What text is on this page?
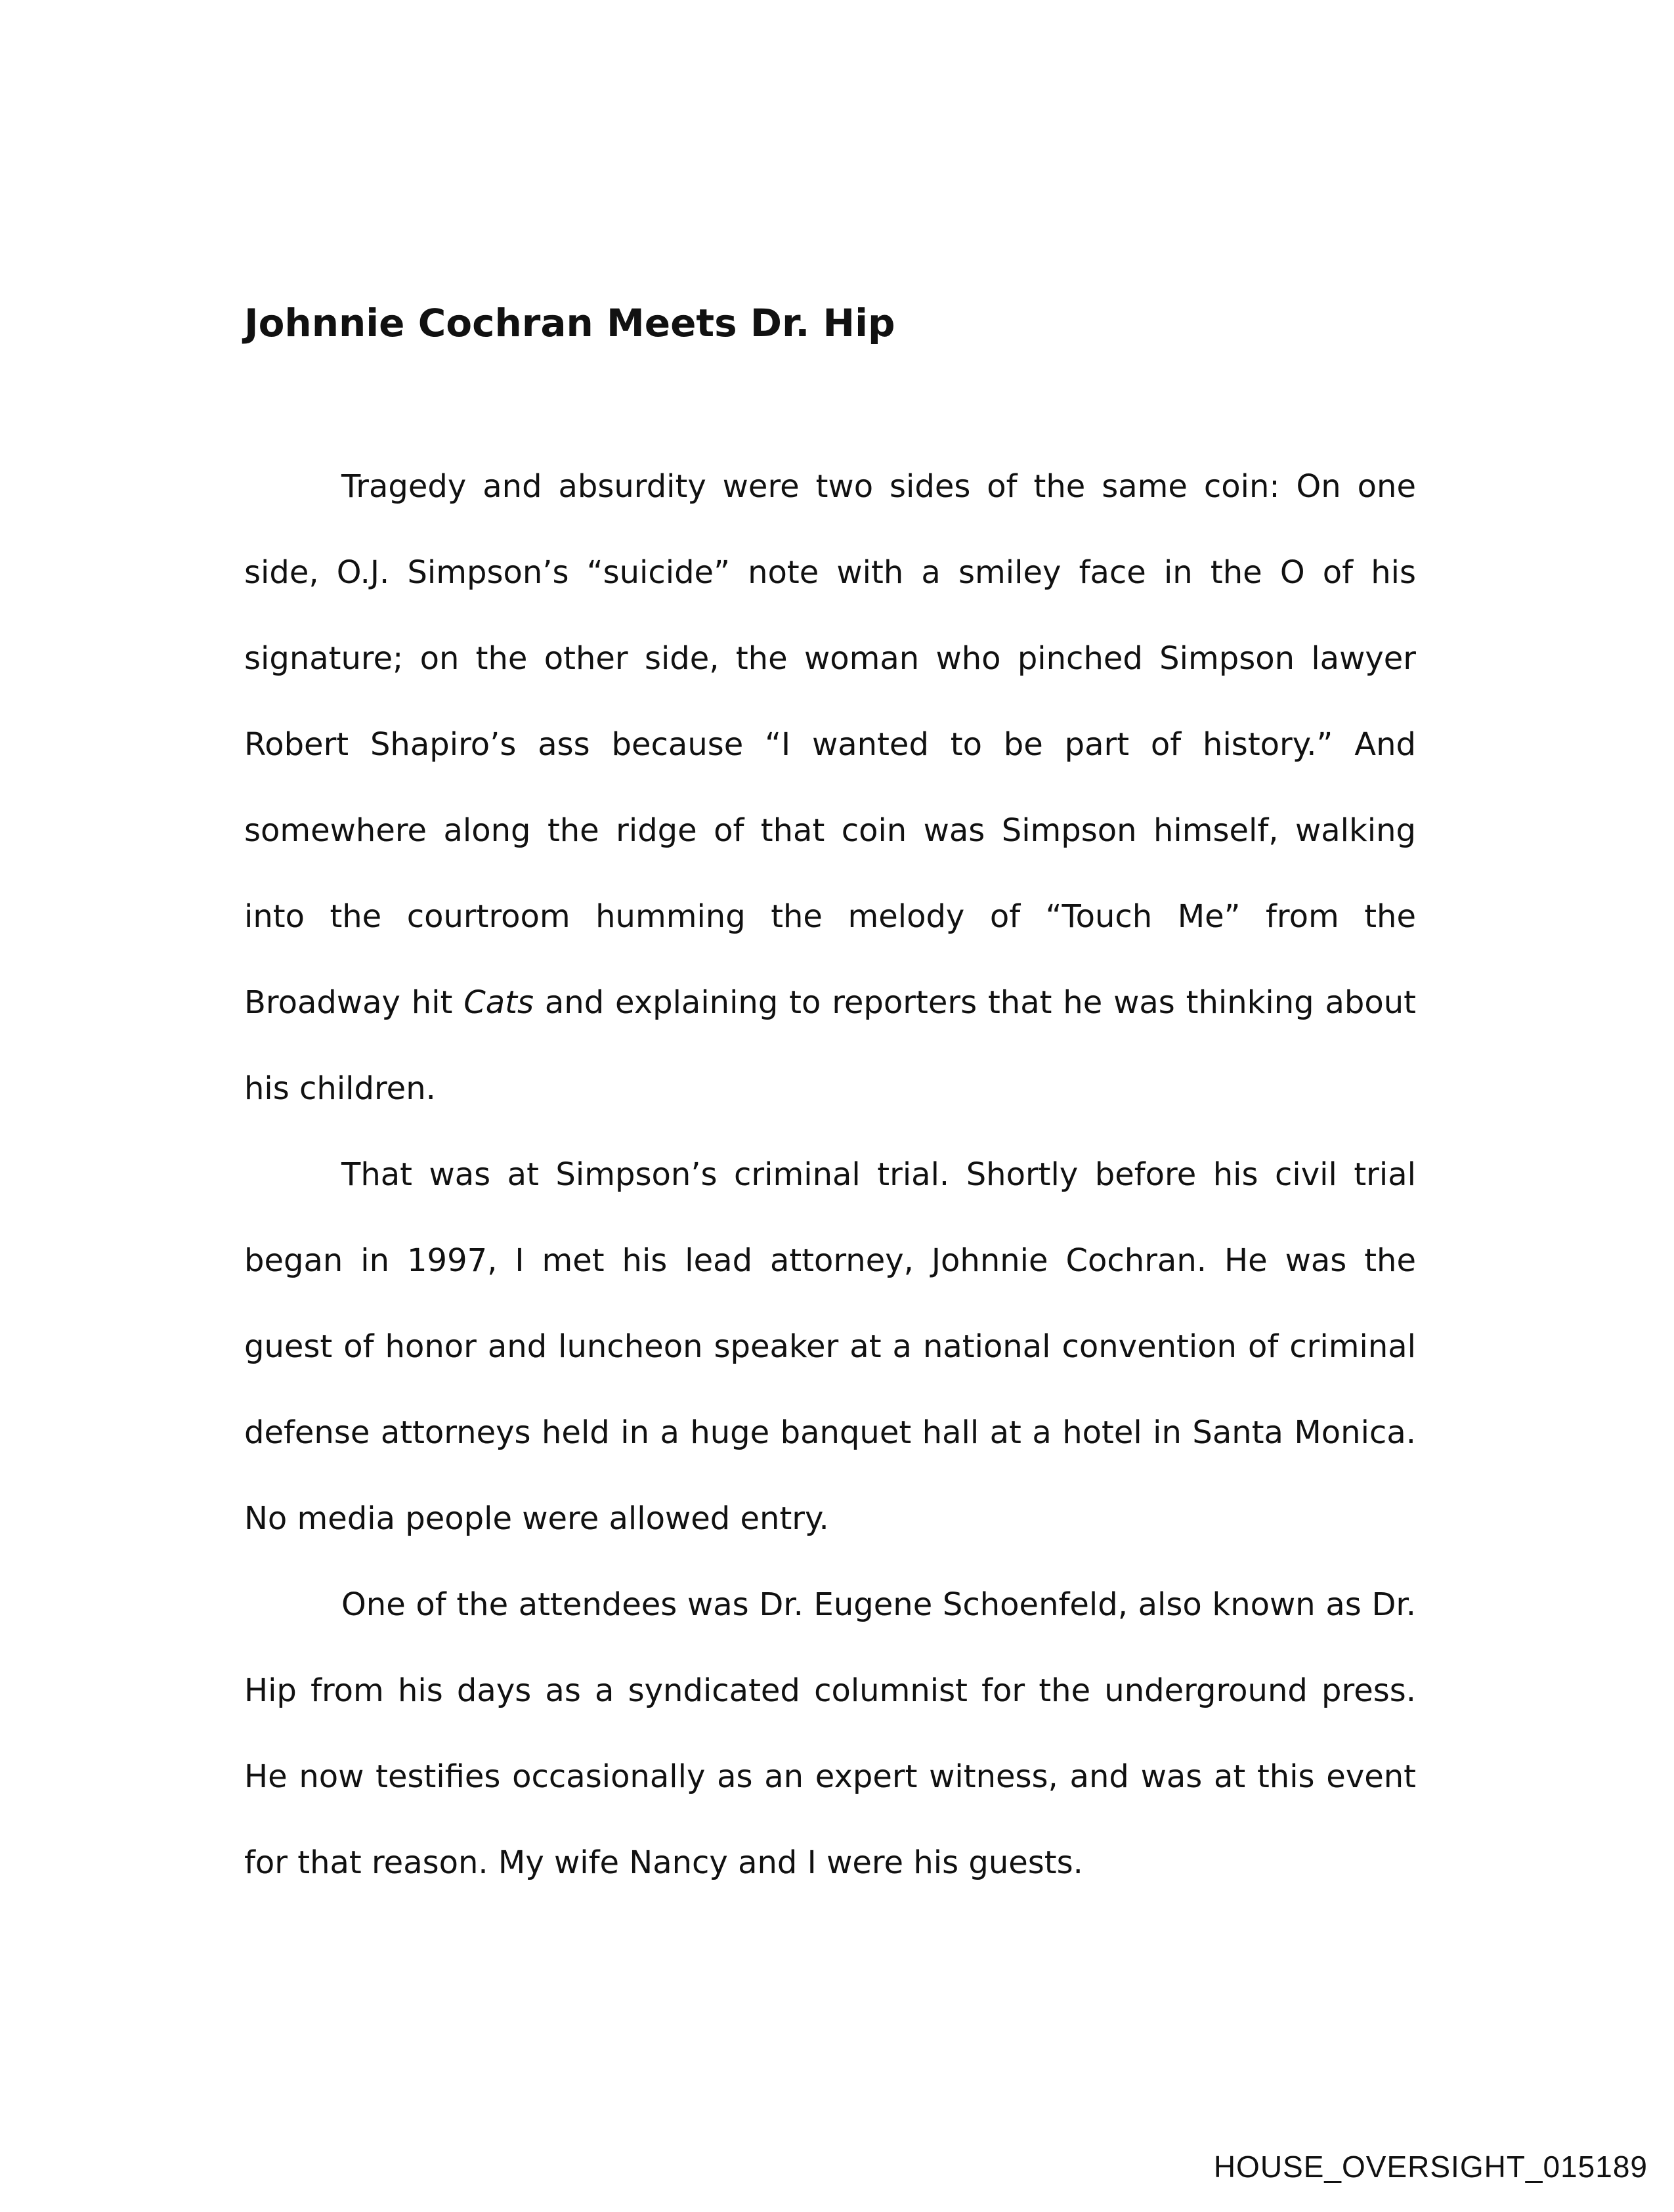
Johnnie Cochran Meets Dr. Hip

Tragedy and absurdity were two sides of the same coin: On one side, O.J. Simpson’s “suicide” note with a smiley face in the O of his signature; on the other side, the woman who pinched Simpson lawyer Robert Shapiro’s ass because “I wanted to be part of history.” And somewhere along the ridge of that coin was Simpson himself, walking into the courtroom humming the melody of “Touch Me” from the Broadway hit Cats and explaining to reporters that he was thinking about his children.

That was at Simpson’s criminal trial. Shortly before his civil trial began in 1997, I met his lead attorney, Johnnie Cochran. He was the guest of honor and luncheon speaker at a national convention of criminal defense attorneys held in a huge banquet hall at a hotel in Santa Monica. No media people were allowed entry.

One of the attendees was Dr. Eugene Schoenfeld, also known as Dr. Hip from his days as a syndicated columnist for the underground press. He now testifies occasionally as an expert witness, and was at this event for that reason. My wife Nancy and I were his guests.

HOUSE_OVERSIGHT_015189
